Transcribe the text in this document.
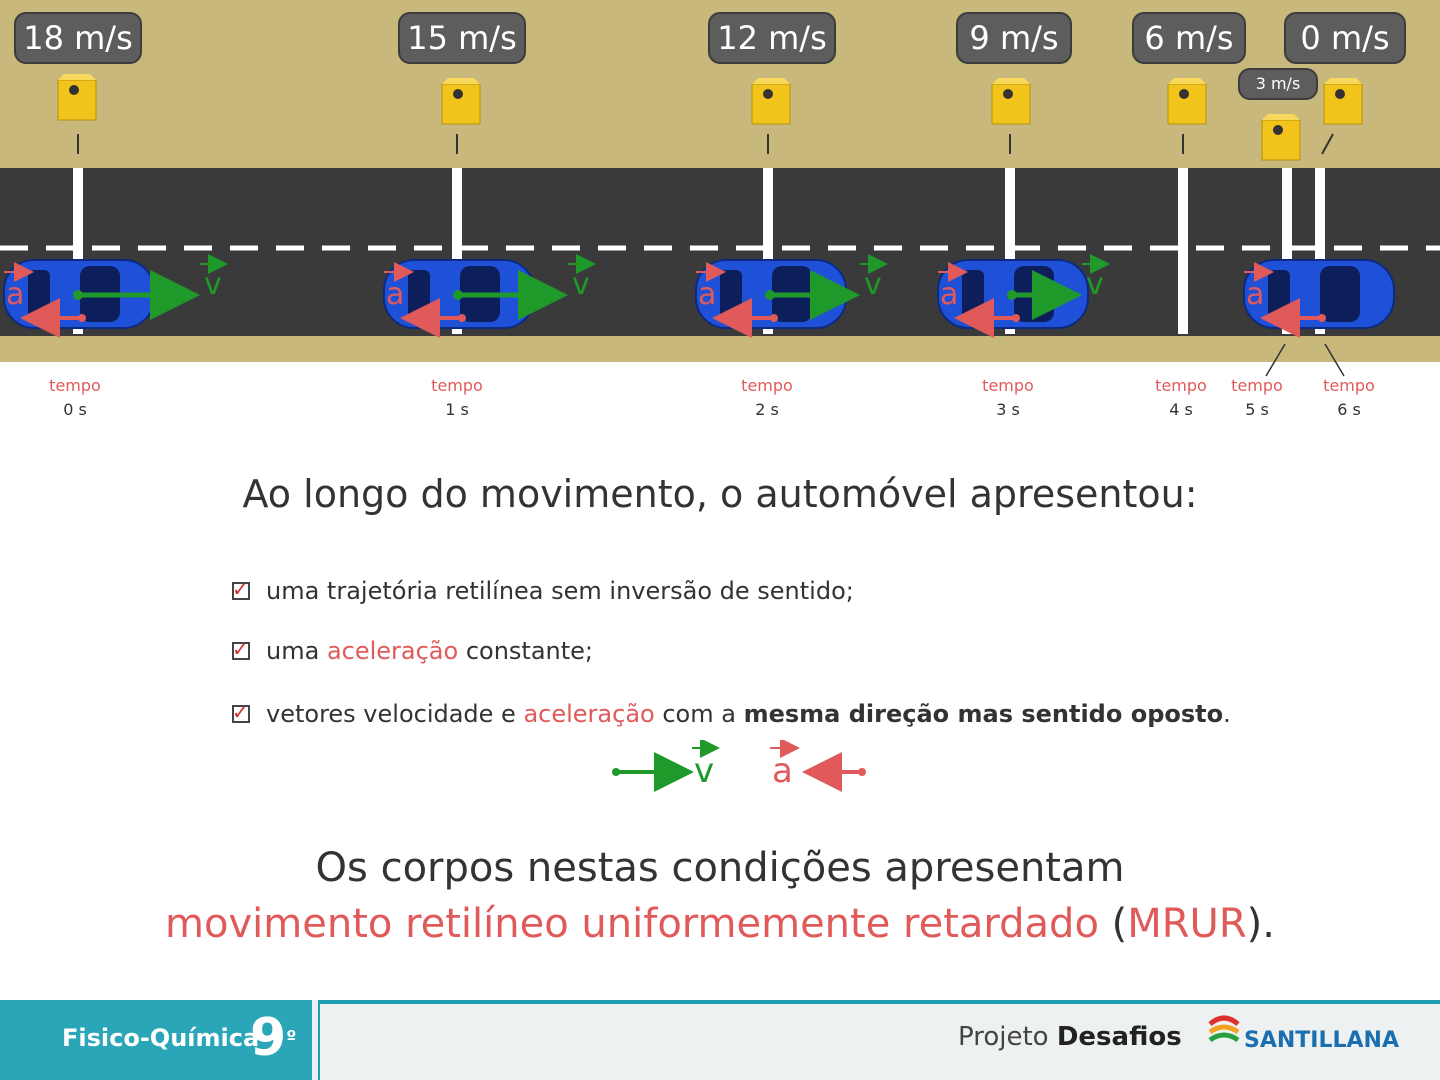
v
a	v
a	v
a	v
a	a
18 m/s	15 m/s	12 m/s	9 m/s	6 m/s
3 m/s
0 m/s
tempo
0 s
tempo
1 s
tempo
2 s
tempo
3 s
tempo
4 s
tempo
5 s
tempo
6 s
Ao longo do movimento, o automóvel apresentou:
✓ uma trajetória retilínea sem inversão de sentido;
✓ uma aceleração constante;
✓ vetores velocidade e aceleração com a mesma direção mas sentido oposto.
v a
Os corpos nestas condições apresentam
movimento retilíneo uniformemente retardado (MRUR).
Fisico-Química
$9^º$	Projeto Desafios	SANTILLANA
